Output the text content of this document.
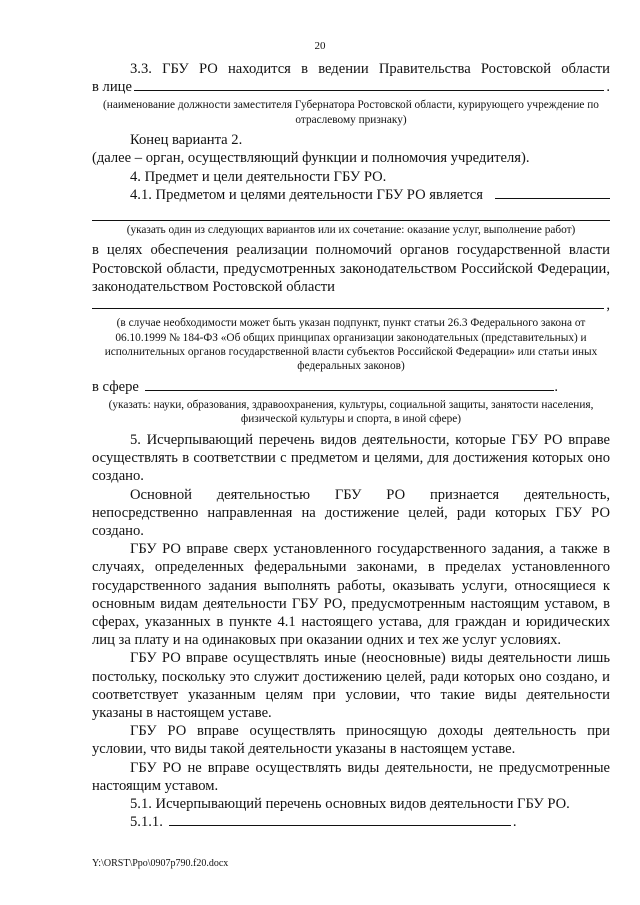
20

3.3. ГБУ РО находится в ведении Правительства Ростовской области

в лице	.

(наименование должности заместителя Губернатора Ростовской области, курирующего учреждение по отраслевому признаку)

Конец варианта 2.

(далее – орган, осуществляющий функции и полномочия учредителя).

4. Предмет и цели деятельности ГБУ РО.

4.1. Предметом и целями деятельности ГБУ РО является

(указать один из следующих вариантов или их сочетание: оказание услуг, выполнение работ)

в целях обеспечения реализации полномочий органов государственной власти Ростовской области, предусмотренных законодательством Российской Федерации, законодательством Ростовской области

,

(в случае необходимости может быть указан подпункт, пункт статьи 26.3 Федерального закона от 06.10.1999 № 184-ФЗ «Об общих принципах организации законодательных (представительных) и исполнительных органов государственной власти субъектов Российской Федерации» или статьи иных федеральных законов)

в сфере	.

(указать: науки, образования, здравоохранения, культуры, социальной защиты, занятости населения, физической культуры и спорта, в иной сфере)

5. Исчерпывающий перечень видов деятельности, которые ГБУ РО вправе осуществлять в соответствии с предметом и целями, для достижения которых оно создано.

Основной деятельностью ГБУ РО признается деятельность, непосредственно направленная на достижение целей, ради которых ГБУ РО создано.

ГБУ РО вправе сверх установленного государственного задания, а также в случаях, определенных федеральными законами, в пределах установленного государственного задания выполнять работы, оказывать услуги, относящиеся к основным видам деятельности ГБУ РО, предусмотренным настоящим уставом, в сферах, указанных в пункте 4.1 настоящего устава, для граждан и юридических лиц за плату и на одинаковых при оказании одних и тех же услуг условиях.

ГБУ РО вправе осуществлять иные (неосновные) виды деятельности лишь постольку, поскольку это служит достижению целей, ради которых оно создано, и соответствует указанным целям при условии, что такие виды деятельности указаны в настоящем уставе.

ГБУ РО вправе осуществлять приносящую доходы деятельность при условии, что виды такой деятельности указаны в настоящем уставе.

ГБУ РО не вправе осуществлять виды деятельности, не предусмотренные настоящим уставом.

5.1. Исчерпывающий перечень основных видов деятельности ГБУ РО.

5.1.1.	.
Y:\ORST\Ppo\0907p790.f20.docx
